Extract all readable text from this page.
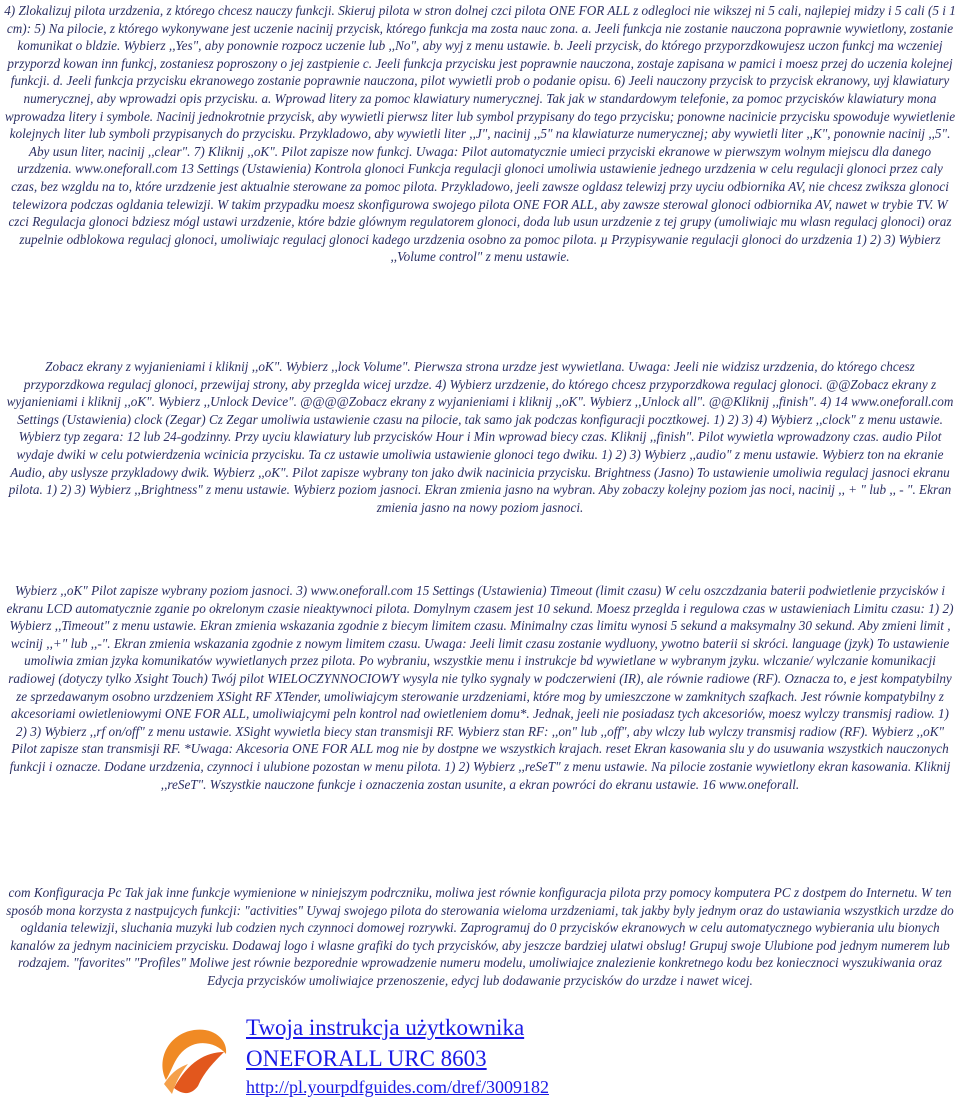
4) Zlokalizuj pilota urzdzenia, z którego chcesz nauczy funkcji. Skieruj pilota w stron dolnej czci pilota ONE FOR ALL z odlegloci nie wikszej ni 5 cali, najlepiej midzy i 5 cali (5 i 1 cm): 5) Na pilocie, z którego wykonywane jest uczenie nacinij przycisk, którego funkcja ma zosta nauc zona. a. Jeeli funkcja nie zostanie nauczona poprawnie wywietlony, zostanie komunikat o bldzie. Wybierz ,,Yes", aby ponownie rozpocz uczenie lub ,,No", aby wyj z menu ustawie. b. Jeeli przycisk, do którego przyporzdkowujesz uczon funkcj ma wczeniej przyporzd kowan inn funkcj, zostaniesz poproszony o jej zastpienie c. Jeeli funkcja przycisku jest poprawnie nauczona, zostaje zapisana w pamici i moesz przej do uczenia kolejnej funkcji. d. Jeeli funkcja przycisku ekranowego zostanie poprawnie nauczona, pilot wywietli prob o podanie opisu. 6) Jeeli nauczony przycisk to przycisk ekranowy, uyj klawiatury numerycznej, aby wprowadzi opis przycisku. a. Wprowad litery za pomoc klawiatury numerycznej. Tak jak w standardowym telefonie, za pomoc przycisków klawiatury mona wprowadza litery i symbole. Nacinij jednokrotnie przycisk, aby wywietli pierwsz liter lub symbol przypisany do tego przycisku; ponowne nacinicie przycisku spowoduje wywietlenie kolejnych liter lub symboli przypisanych do przycisku. Przykladowo, aby wywietli liter ,,J", nacinij ,,5" na klawiaturze numerycznej; aby wywietli liter ,,K", ponownie nacinij ,,5". Aby usun liter, nacinij ,,clear". 7) Kliknij ,,oK". Pilot zapisze now funkcj. Uwaga: Pilot automatycznie umieci przyciski ekranowe w pierwszym wolnym miejscu dla danego urzdzenia. www.oneforall.com 13 Settings (Ustawienia) Kontrola glonoci Funkcja regulacji glonoci umoliwia ustawienie jednego urzdzenia w celu regulacji glonoci przez caly czas, bez wzgldu na to, które urzdzenie jest aktualnie sterowane za pomoc pilota. Przykladowo, jeeli zawsze ogldasz telewizj przy uyciu odbiornika AV, nie chcesz zwiksza glonoci telewizora podczas ogldania telewizji. W takim przypadku moesz skonfigurowa swojego pilota ONE FOR ALL, aby zawsze sterowal glonoci odbiornika AV, nawet w trybie TV. W czci Regulacja glonoci bdziesz mógl ustawi urzdzenie, które bdzie glównym regulatorem glonoci, doda lub usun urzdzenie z tej grupy (umoliwiajc mu wlasn regulacj glonoci) oraz zupelnie odblokowa regulacj glonoci, umoliwiajc regulacj glonoci kadego urzdzenia osobno za pomoc pilota. µ Przypisywanie regulacji glonoci do urzdzenia 1) 2) 3) Wybierz ,,Volume control" z menu ustawie.

Zobacz ekrany z wyjanieniami i kliknij ,,oK". Wybierz ,,lock Volume". Pierwsza strona urzdze jest wywietlana. Uwaga: Jeeli nie widzisz urzdzenia, do którego chcesz przyporzdkowa regulacj glonoci, przewijaj strony, aby przeglda wicej urzdze. 4) Wybierz urzdzenie, do którego chcesz przyporzdkowa regulacj glonoci. @@Zobacz ekrany z wyjanieniami i kliknij ,,oK". Wybierz ,,Unlock Device". @@@@Zobacz ekrany z wyjanieniami i kliknij ,,oK". Wybierz ,,Unlock all". @@Kliknij ,,finish". 4) 14 www.oneforall.com Settings (Ustawienia) clock (Zegar) Cz Zegar umoliwia ustawienie czasu na pilocie, tak samo jak podczas konfiguracji pocztkowej. 1) 2) 3) 4) Wybierz ,,clock" z menu ustawie. Wybierz typ zegara: 12 lub 24-godzinny. Przy uyciu klawiatury lub przycisków Hour i Min wprowad biecy czas. Kliknij ,,finish". Pilot wywietla wprowadzony czas. audio Pilot wydaje dwiki w celu potwierdzenia wcinicia przycisku. Ta cz ustawie umoliwia ustawienie glonoci tego dwiku. 1) 2) 3) Wybierz ,,audio" z menu ustawie. Wybierz ton na ekranie Audio, aby uslysze przykladowy dwik. Wybierz ,,oK". Pilot zapisze wybrany ton jako dwik nacinicia przycisku. Brightness (Jasno) To ustawienie umoliwia regulacj jasnoci ekranu pilota. 1) 2) 3) Wybierz ,,Brightness" z menu ustawie. Wybierz poziom jasnoci. Ekran zmienia jasno na wybran. Aby zobaczy kolejny poziom jas noci, nacinij ,, + " lub ,, - ". Ekran zmienia jasno na nowy poziom jasnoci.

Wybierz ,,oK" Pilot zapisze wybrany poziom jasnoci. 3) www.oneforall.com 15 Settings (Ustawienia) Timeout (limit czasu) W celu oszczdzania baterii podwietlenie przycisków i ekranu LCD automatycznie zganie po okrelonym czasie nieaktywnoci pilota. Domylnym czasem jest 10 sekund. Moesz przeglda i regulowa czas w ustawieniach Limitu czasu: 1) 2) Wybierz ,,Timeout" z menu ustawie. Ekran zmienia wskazania zgodnie z biecym limitem czasu. Minimalny czas limitu wynosi 5 sekund a maksymalny 30 sekund. Aby zmieni limit , wcinij ,,+" lub ,,-". Ekran zmienia wskazania zgodnie z nowym limitem czasu. Uwaga: Jeeli limit czasu zostanie wydluony, ywotno baterii si skróci. language (jzyk) To ustawienie umoliwia zmian jzyka komunikatów wywietlanych przez pilota. Po wybraniu, wszystkie menu i instrukcje bd wywietlane w wybranym jzyku. wlczanie/ wylczanie komunikacji radiowej (dotyczy tylko Xsight Touch) Twój pilot WIELOCZYNNOCIOWY wysyla nie tylko sygnaly w podczerwieni (IR), ale równie radiowe (RF). Oznacza to, e jest kompatybilny ze sprzedawanym osobno urzdzeniem XSight RF XTender, umoliwiajcym sterowanie urzdzeniami, które mog by umieszczone w zamknitych szafkach. Jest równie kompatybilny z akcesoriami owietleniowymi ONE FOR ALL, umoliwiajcymi peln kontrol nad owietleniem domu*. Jednak, jeeli nie posiadasz tych akcesoriów, moesz wylczy transmisj radiow. 1) 2) 3) Wybierz ,,rf on/off" z menu ustawie. XSight wywietla biecy stan transmisji RF. Wybierz stan RF: ,,on" lub ,,off", aby wlczy lub wylczy transmisj radiow (RF). Wybierz ,,oK" Pilot zapisze stan transmisji RF. *Uwaga: Akcesoria ONE FOR ALL mog nie by dostpne we wszystkich krajach. reset Ekran kasowania slu y do usuwania wszystkich nauczonych funkcji i oznacze. Dodane urzdzenia, czynnoci i ulubione pozostan w menu pilota. 1) 2) Wybierz ,,reSeT" z menu ustawie. Na pilocie zostanie wywietlony ekran kasowania. Kliknij ,,reSeT". Wszystkie nauczone funkcje i oznaczenia zostan usunite, a ekran powróci do ekranu ustawie. 16 www.oneforall.

com Konfiguracja Pc Tak jak inne funkcje wymienione w niniejszym podrczniku, moliwa jest równie konfiguracja pilota przy pomocy komputera PC z dostpem do Internetu. W ten sposób mona korzysta z nastpujcych funkcji: "activities" Uywaj swojego pilota do sterowania wieloma urzdzeniami, tak jakby byly jednym oraz do ustawiania wszystkich urzdze do ogldania telewizji, sluchania muzyki lub codzien nych czynnoci domowej rozrywki. Zaprogramuj do 0 przycisków ekranowych w celu automatycznego wybierania ulu bionych kanalów za jednym naciniciem przycisku. Dodawaj logo i wlasne grafiki do tych przycisków, aby jeszcze bardziej ulatwi obslug! Grupuj swoje Ulubione pod jednym numerem lub rodzajem. "favorites" "Profiles" Moliwe jest równie bezporednie wprowadzenie numeru modelu, umoliwiajce znalezienie konkretnego kodu bez koniecznoci wyszukiwania oraz Edycja przycisków umoliwiajce przenoszenie, edycj lub dodawanie przycisków do urzdze i nawet wicej.

Twoja instrukcja użytkownika
ONEFORALL URC 8603
http://pl.yourpdfguides.com/dref/3009182
